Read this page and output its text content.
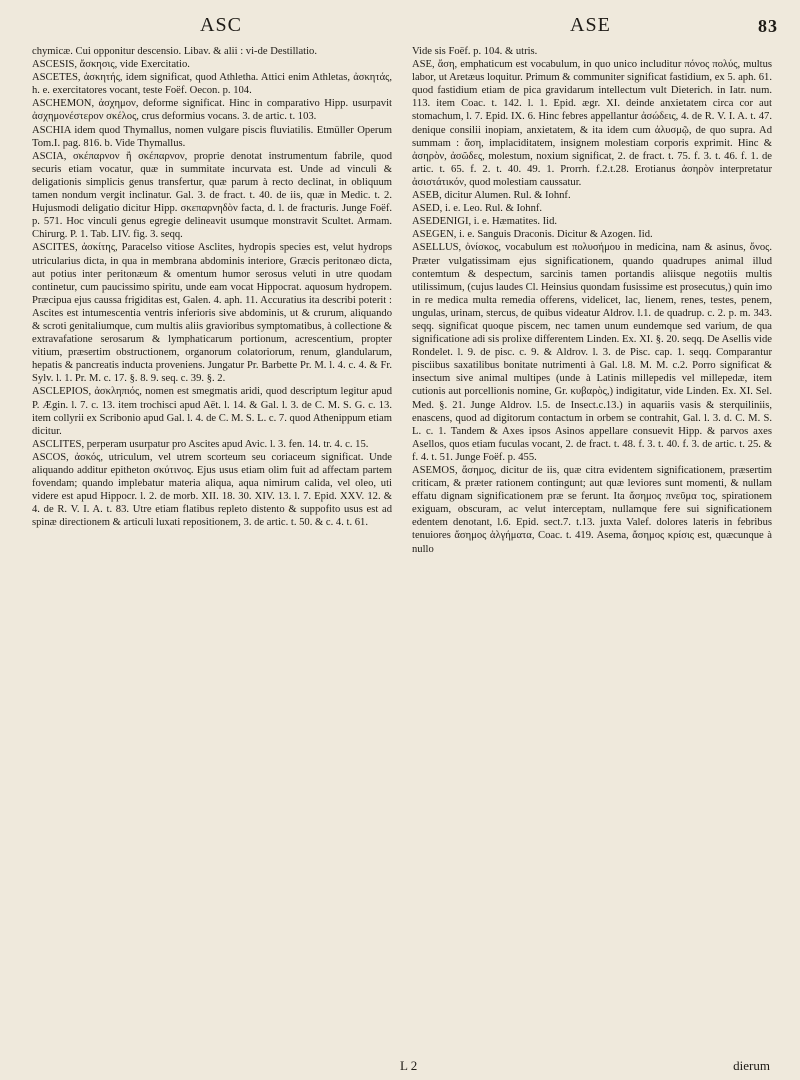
ASC	ASE	83

chymicæ. Cui opponitur descensio. Libav. & alii : vi-de Destillatio.

ASCESIS, ἄσκησις, vide Exercitatio.

ASCETES, ἀσκητής, idem significat, quod Athletha. Attici enim Athletas, ἀσκητάς, h. e. exercitatores vocant, teste Foëf. Oecon. p. 104.

ASCHEMON, ἀσχημον, deforme significat. Hinc in comparativo Hipp. usurpavit ἀσχημονέστερον σκέλος, crus deformius vocans. 3. de artic. t. 103.

ASCHIA idem quod Thymallus, nomen vulgare piscis fluviatilis. Etmüller Operum Tom.I. pag. 816. b. Vide Thymallus.

ASCIA, σκέπαρνον ἢ σκέπαρνον, proprie denotat instrumentum fabrile, quod securis etiam vocatur, quæ in summitate incurvata est. Unde ad vinculi & deligationis simplicis genus transfertur, quæ parum à recto declinat, in obliquum tamen nondum vergit inclinatur. Gal. 3. de fract. t. 40. de iis, quæ in Medic. t. 2. Hujusmodi deligatio dicitur Hipp. σκεπαρνηδὸν facta, d. l. de fracturis. Junge Foëf. p. 571. Hoc vinculi genus egregie delineavit usumque monstravit Scultet. Armam. Chirurg. P. 1. Tab. LIV. fig. 3. seqq.

ASCITES, ἀσκίτης, Paracelso vitiose Asclites, hydropis species est, velut hydrops utricularius dicta, in qua in membrana abdominis interiore, Græcis peritonæo dicta, aut potius inter peritonæum & omentum humor serosus veluti in utre quodam continetur, cum paucissimo spiritu, unde eam vocat Hippocrat. aquosum hydropem. Præcipua ejus caussa frigiditas est, Galen. 4. aph. 11. Accuratius ita describi poterit : Ascites est intumescentia ventris inferioris sive abdominis, ut & crurum, aliquando & scroti genitaliumque, cum multis aliis gravioribus symptomatibus, à collectione & extravafatione serosarum & lymphaticarum portionum, acrescentium, propter vitium, præsertim obstructionem, organorum colatoriorum, renum, glandularum, hepatis & pancreatis inducta proveniens. Jungatur Pr. Barbette Pr. M. l. 4. c. 4. & Fr. Sylv. l. 1. Pr. M. c. 17. §. 8. 9. seq. c. 39. §. 2.

ASCLEPIOS, ἀσκληπιός, nomen est smegmatis aridi, quod descriptum legitur apud P. Ægin. l. 7. c. 13. item trochisci apud Aët. l. 14. & Gal. l. 3. de C. M. S. G. c. 13. item collyrii ex Scribonio apud Gal. l. 4. de C. M. S. L. c. 7. quod Athenippum etiam dicitur.

ASCLITES, perperam usurpatur pro Ascites apud Avic. l. 3. fen. 14. tr. 4. c. 15.

ASCOS, ἀσκός, utriculum, vel utrem scorteum seu coriaceum significat. Unde aliquando additur epitheton σκύτινος. Ejus usus etiam olim fuit ad affectam partem fovendam; quando implebatur materia aliqua, aqua nimirum calida, vel oleo, uti videre est apud Hippocr. l. 2. de morb. XII. 18. 30. XIV. 13. l. 7. Epid. XXV. 12. & 4. de R. V. I. A. t. 83. Utre etiam flatibus repleto distento & suppofito usus est ad spinæ directionem & articuli luxati repositionem, 3. de artic. t. 50. & c. 4. t. 61.

Vide sis Foëf. p. 104. & utris.

ASE, ἄση, emphaticum est vocabulum, in quo unico includitur πόνος πολύς, multus labor, ut Aretæus loquitur. Primum & communiter significat fastidium, ex 5. aph. 61. quod fastidium etiam de pica gravidarum intellectum vult Dieterich. in Iatr. num. 113. item Coac. t. 142. l. 1. Epid. ægr. XI. deinde anxietatem circa cor aut stomachum, l. 7. Epid. IX. 6. Hinc febres appellantur ἀσώδεις, 4. de R. V. I. A. t. 47. denique consilii inopiam, anxietatem, & ita idem cum ἀλυσμῷ, de quo supra. Ad summam : ἄση, implaciditatem, insignem molestiam corporis exprimit. Hinc & ἀσηρὸν, ἀσῶδες, molestum, noxium significat, 2. de fract. t. 75. f. 3. t. 46. f. 1. de artic. t. 65. f. 2. t. 40. 49. 1. Prorrh. f.2.t.28. Erotianus ἀσηρὸν interpretatur ἀσιστάτικόν, quod molestiam caussatur.

ASEB, dicitur Alumen. Rul. & Iohnf.

ASED, i. e. Leo. Rul. & Iohnf.

ASEDENIGI, i. e. Hæmatites. Iid.

ASEGEN, i. e. Sanguis Draconis. Dicitur & Azogen. Iid.

ASELLUS, ὀνίσκος, vocabulum est πολυσήμου in medicina, nam & asinus, ὄνος. Præter vulgatissimam ejus significationem, quando quadrupes animal illud contemtum & despectum, sarcinis tamen portandis aliisque negotiis multis utilissimum, (cujus laudes Cl. Heinsius quondam fusissime est prosecutus,) quin imo in re medica multa remedia offerens, videlicet, lac, lienem, renes, testes, penem, ungulas, urinam, stercus, de quibus videatur Aldrov. l.1. de quadrup. c. 2. p. m. 343. seqq. significat quoque piscem, nec tamen unum eundemque sed varium, de qua significatione adi sis prolixe differentem Linden. Ex. XI. §. 20. seqq. De Asellis vide Rondelet. l. 9. de pisc. c. 9. & Aldrov. l. 3. de Pisc. cap. 1. seqq. Comparantur pisciibus saxatilibus bonitate nutrimenti à Gal. l.8. M. M. c.2. Porro significat & insectum sive animal multipes (unde à Latinis millepedis vel millepedæ, item cutionis aut porcellionis nomine, Gr. κυβαρὸς,) indigitatur, vide Linden. Ex. XI. Sel. Med. §. 21. Junge Aldrov. l.5. de Insect.c.13.) in aquariis vasis & sterquiliniis, enascens, quod ad digitorum contactum in orbem se contrahit, Gal. l. 3. d. C. M. S. L. c. 1. Tandem & Axes ipsos Asinos appellare consuevit Hipp. & parvos axes Asellos, quos etiam fuculas vocant, 2. de fract. t. 48. f. 3. t. 40. f. 3. de artic. t. 25. & f. 4. t. 51. Junge Foëf. p. 455.

ASEMOS, ἄσημος, dicitur de iis, quæ citra evidentem significationem, præsertim criticam, & præter rationem contingunt; aut quæ leviores sunt momenti, & nullam effatu dignam significationem præ se ferunt. Ita ἄσημος πνεῦμα τος, spirationem exiguam, obscuram, ac velut interceptam, nullamque fere sui significationem edentem denotant, l.6. Epid. sect.7. t.13. juxta Valef. dolores lateris in febribus tenuiores ἄσημος ἀλγήματα, Coac. t. 419. Asema, ἄσημος κρίσις est, quæcunque à nullo

L 2	dierum
